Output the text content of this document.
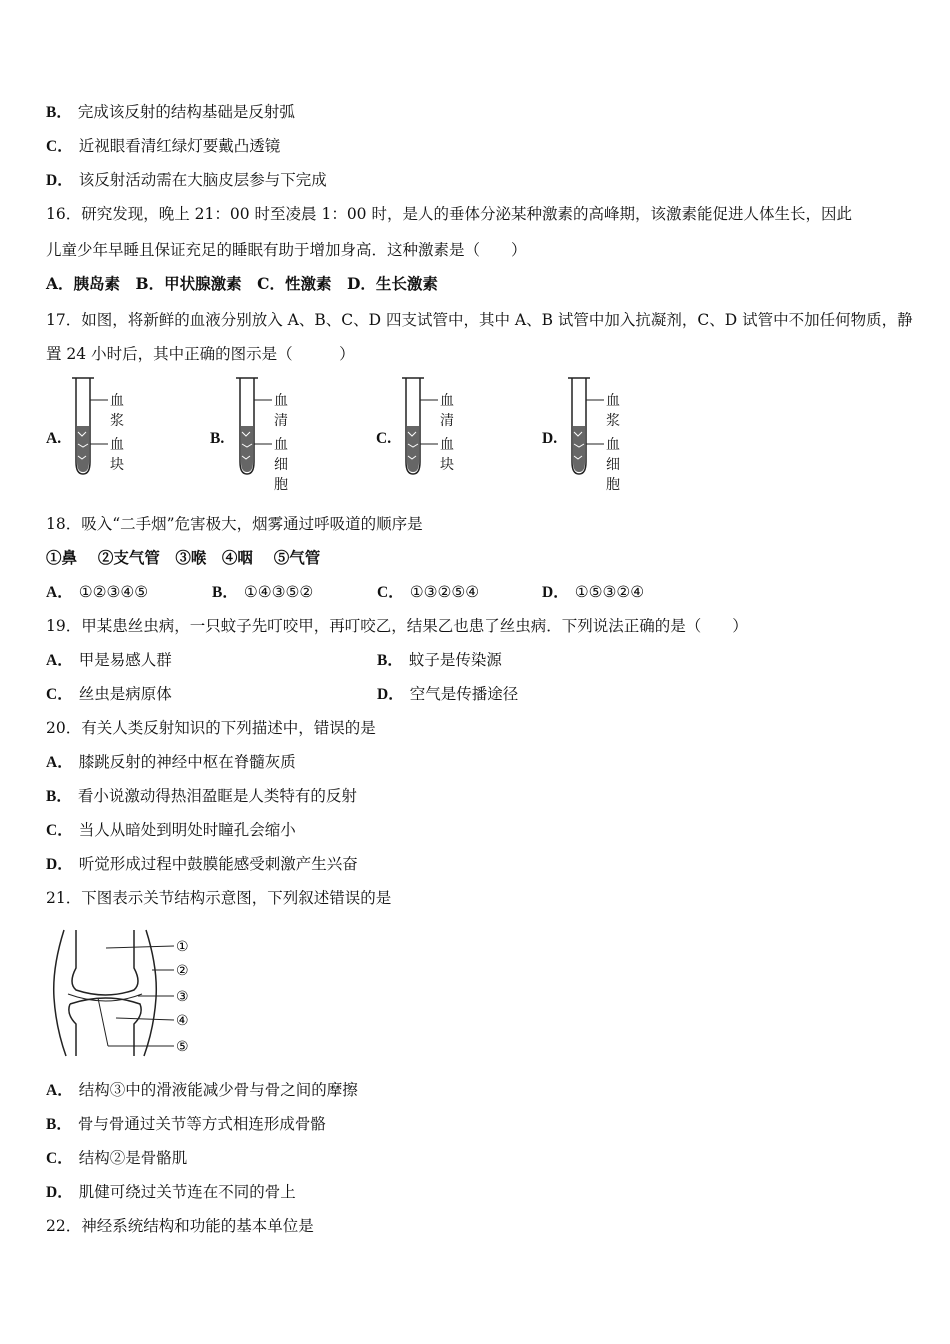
B． 完成该反射的结构基础是反射弧
C． 近视眼看清红绿灯要戴凸透镜
D． 该反射活动需在大脑皮层参与下完成
16．研究发现，晚上 21：00 时至凌晨 1：00 时，是人的垂体分泌某种激素的高峰期，该激素能促进人体生长，因此
儿童少年早睡且保证充足的睡眠有助于增加身高．这种激素是（　　）
A．胰岛素　B．甲状腺激素　C．性激素　D．生长激素
17．如图，将新鲜的血液分别放入 A、B、C、D 四支试管中，其中 A、B 试管中加入抗凝剂，C、D 试管中不加任何物质，静
置 24 小时后，其中正确的图示是（　　　）
A.
血浆
血块
B.
血清
血细胞
C.
血清
血块
D.
血浆
血细胞
18．吸入“二手烟”危害极大，烟雾通过呼吸道的顺序是
①鼻　 ②支气管　③喉　④咽　 ⑤气管
A． ①②③④⑤	B． ①④③⑤②	C． ①③②⑤④	D． ①⑤③②④
19．甲某患丝虫病，一只蚊子先叮咬甲，再叮咬乙，结果乙也患了丝虫病．下列说法正确的是（　　）
A． 甲是易感人群	B． 蚊子是传染源
C． 丝虫是病原体	D． 空气是传播途径
20．有关人类反射知识的下列描述中，错误的是
A． 膝跳反射的神经中枢在脊髓灰质
B． 看小说激动得热泪盈眶是人类特有的反射
C． 当人从暗处到明处时瞳孔会缩小
D． 听觉形成过程中鼓膜能感受刺激产生兴奋
21．下图表示关节结构示意图，下列叙述错误的是
①
②
③
④
⑤
A． 结构③中的滑液能减少骨与骨之间的摩擦
B． 骨与骨通过关节等方式相连形成骨骼
C． 结构②是骨骼肌
D． 肌健可绕过关节连在不同的骨上
22．神经系统结构和功能的基本单位是
